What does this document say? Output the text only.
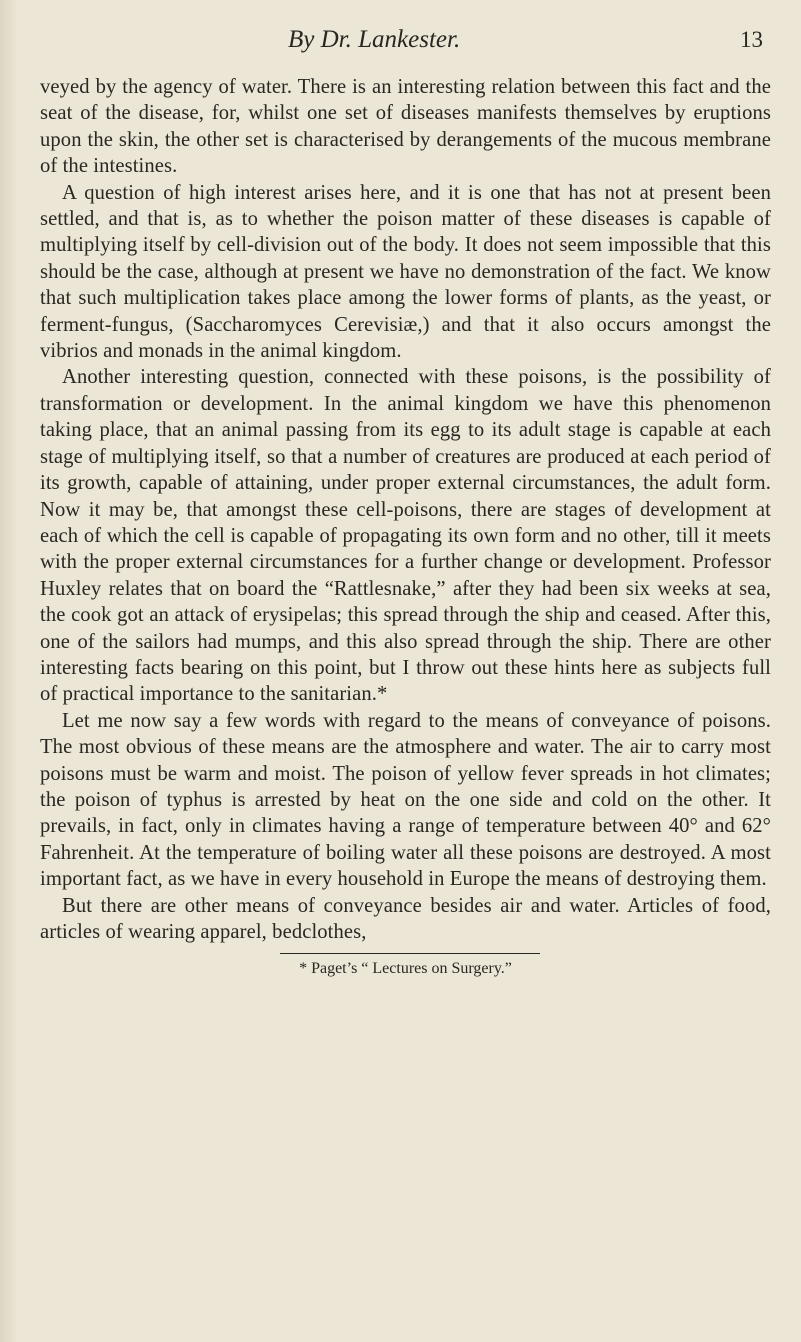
By Dr. Lankester.	13

veyed by the agency of water. There is an interesting relation between this fact and the seat of the disease, for, whilst one set of diseases manifests themselves by eruptions upon the skin, the other set is characterised by derangements of the mucous membrane of the intestines.

A question of high interest arises here, and it is one that has not at present been settled, and that is, as to whether the poison matter of these diseases is capable of multiplying itself by cell-division out of the body. It does not seem impossible that this should be the case, although at present we have no demonstration of the fact. We know that such multiplication takes place among the lower forms of plants, as the yeast, or ferment-fungus, (Saccharomyces Cerevisiæ,) and that it also occurs amongst the vibrios and monads in the animal kingdom.

Another interesting question, connected with these poisons, is the possibility of transformation or development. In the animal kingdom we have this phenomenon taking place, that an animal passing from its egg to its adult stage is capable at each stage of multiplying itself, so that a number of creatures are produced at each period of its growth, capable of attaining, under proper external circumstances, the adult form. Now it may be, that amongst these cell-poisons, there are stages of development at each of which the cell is capable of propagating its own form and no other, till it meets with the proper external circumstances for a further change or development. Professor Huxley relates that on board the “Rattlesnake,” after they had been six weeks at sea, the cook got an attack of erysipelas; this spread through the ship and ceased. After this, one of the sailors had mumps, and this also spread through the ship. There are other interesting facts bearing on this point, but I throw out these hints here as subjects full of practical importance to the sanitarian.*

Let me now say a few words with regard to the means of conveyance of poisons. The most obvious of these means are the atmosphere and water. The air to carry most poisons must be warm and moist. The poison of yellow fever spreads in hot climates; the poison of typhus is arrested by heat on the one side and cold on the other. It prevails, in fact, only in climates having a range of temperature between 40° and 62° Fahrenheit. At the temperature of boiling water all these poisons are destroyed. A most important fact, as we have in every household in Europe the means of destroying them.

But there are other means of conveyance besides air and water. Articles of food, articles of wearing apparel, bedclothes,

* Paget’s “ Lectures on Surgery.”
